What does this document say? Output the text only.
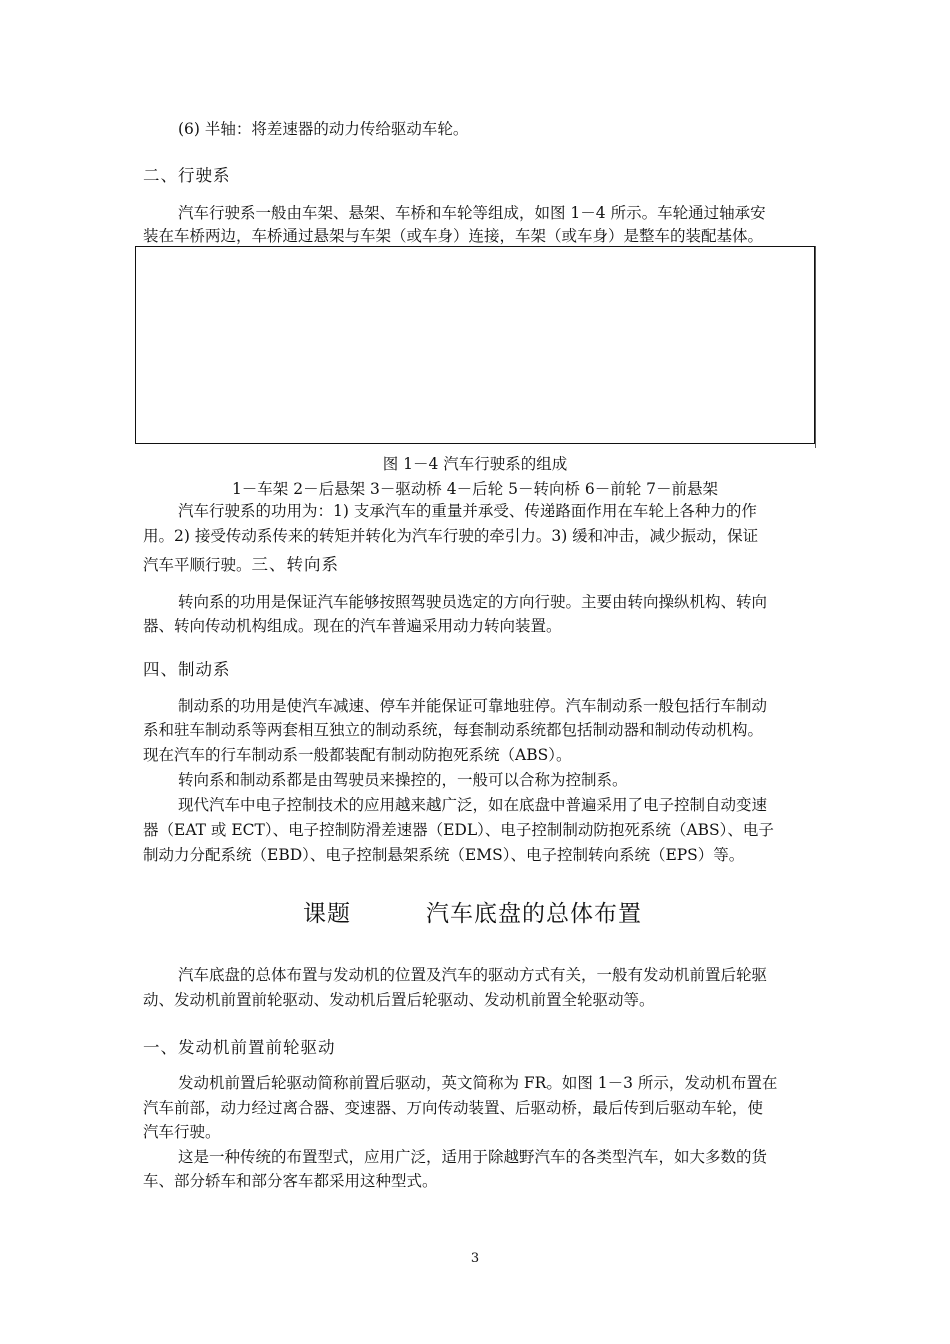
(6) 半轴：将差速器的动力传给驱动车轮。
二、行驶系
汽车行驶系一般由车架、悬架、车桥和车轮等组成，如图 1－4 所示。车轮通过轴承安
装在车桥两边，车桥通过悬架与车架（或车身）连接，车架（或车身）是整车的装配基体。
图 1－4 汽车行驶系的组成
1－车架 2－后悬架 3－驱动桥 4－后轮 5－转向桥 6－前轮 7－前悬架
汽车行驶系的功用为：1) 支承汽车的重量并承受、传递路面作用在车轮上各种力的作
用。2) 接受传动系传来的转矩并转化为汽车行驶的牵引力。3) 缓和冲击，减少振动，保证
汽车平顺行驶。三、转向系
转向系的功用是保证汽车能够按照驾驶员选定的方向行驶。主要由转向操纵机构、转向
器、转向传动机构组成。现在的汽车普遍采用动力转向装置。
四、制动系
制动系的功用是使汽车减速、停车并能保证可靠地驻停。汽车制动系一般包括行车制动
系和驻车制动系等两套相互独立的制动系统，每套制动系统都包括制动器和制动传动机构。
现在汽车的行车制动系一般都装配有制动防抱死系统（ABS）。
转向系和制动系都是由驾驶员来操控的，一般可以合称为控制系。
现代汽车中电子控制技术的应用越来越广泛，如在底盘中普遍采用了电子控制自动变速
器（EAT 或 ECT）、电子控制防滑差速器（EDL）、电子控制制动防抱死系统（ABS）、电子
制动力分配系统（EBD）、电子控制悬架系统（EMS）、电子控制转向系统（EPS）等。
课题	汽车底盘的总体布置
汽车底盘的总体布置与发动机的位置及汽车的驱动方式有关，一般有发动机前置后轮驱
动、发动机前置前轮驱动、发动机后置后轮驱动、发动机前置全轮驱动等。
一、发动机前置前轮驱动
发动机前置后轮驱动简称前置后驱动，英文简称为 FR。如图 1－3 所示，发动机布置在
汽车前部，动力经过离合器、变速器、万向传动装置、后驱动桥，最后传到后驱动车轮，使
汽车行驶。
这是一种传统的布置型式，应用广泛，适用于除越野汽车的各类型汽车，如大多数的货
车、部分轿车和部分客车都采用这种型式。
3
